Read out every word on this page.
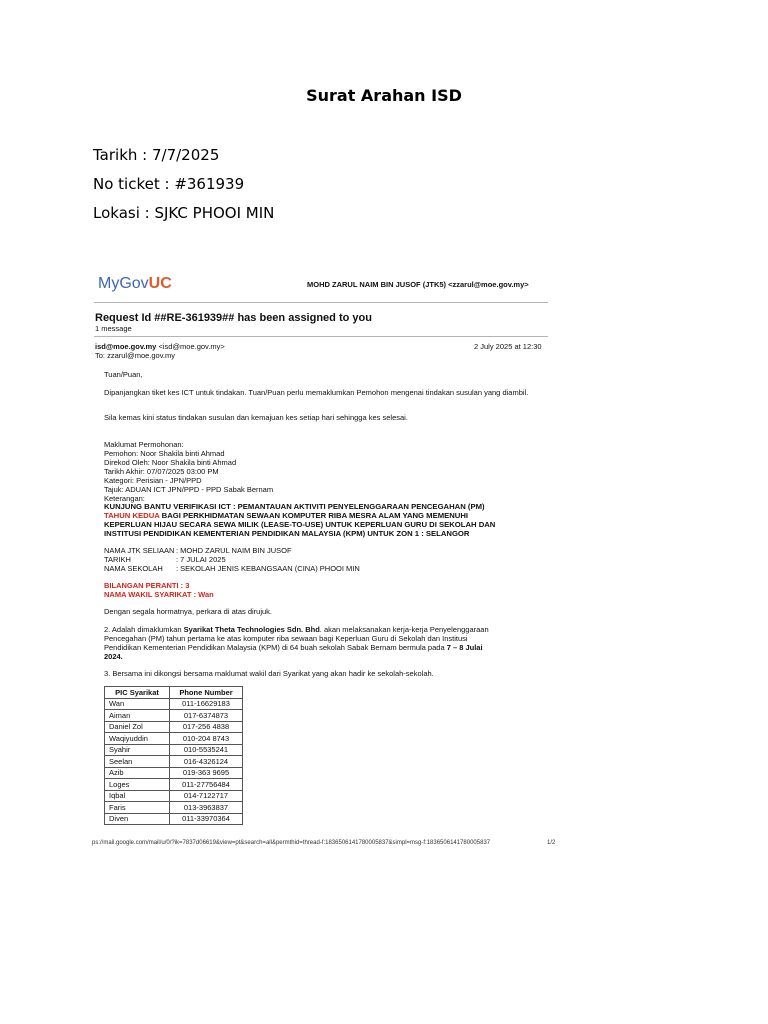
Surat Arahan ISD
Tarikh : 7/7/2025
No ticket : #361939
Lokasi : SJKC PHOOI MIN
MyGovUC	MOHD ZARUL NAIM BIN JUSOF (JTK5) <zzarul@moe.gov.my>
Request Id ##RE-361939## has been assigned to you
1 message
isd@moe.gov.my <isd@moe.gov.my>
To: zzarul@moe.gov.my
2 July 2025 at 12:30
Tuan/Puan,
Dipanjangkan tiket kes ICT untuk tindakan. Tuan/Puan perlu memaklumkan Pemohon mengenai tindakan susulan yang diambil.
Sila kemas kini status tindakan susulan dan kemajuan kes setiap hari sehingga kes selesai.
Maklumat Permohonan:
Pemohon: Noor Shakila binti Ahmad
Direkod Oleh: Noor Shakila binti Ahmad
Tarikh Akhir: 07/07/2025 03:00 PM
Kategori: Perisian - JPN/PPD
Tajuk: ADUAN ICT JPN/PPD - PPD Sabak Bernam
Keterangan:
KUNJUNG BANTU VERIFIKASI ICT : PEMANTAUAN AKTIVITI PENYELENGGARAAN PENCEGAHAN (PM)
TAHUN KEDUA BAGI PERKHIDMATAN SEWAAN KOMPUTER RIBA MESRA ALAM YANG MEMENUHI
KEPERLUAN HIJAU SECARA SEWA MILIK (LEASE-TO-USE) UNTUK KEPERLUAN GURU DI SEKOLAH DAN
INSTITUSI PENDIDIKAN KEMENTERIAN PENDIDIKAN MALAYSIA (KPM) UNTUK ZON 1 : SELANGOR
NAMA JTK SELIAAN : MOHD ZARUL NAIM BIN JUSOF
TARIKH	: 7 JULAI 2025
NAMA SEKOLAH : SEKOLAH JENIS KEBANGSAAN (CINA) PHOOI MIN
BILANGAN PERANTI : 3
NAMA WAKIL SYARIKAT : Wan
Dengan segala hormatnya, perkara di atas dirujuk.
2. Adalah dimaklumkan Syarikat Theta Technologies Sdn. Bhd. akan melaksanakan kerja-kerja Penyelenggaraan
Pencegahan (PM) tahun pertama ke atas komputer riba sewaan bagi Keperluan Guru di Sekolah dan Institusi
Pendidikan Kementerian Pendidikan Malaysia (KPM) di 64 buah sekolah Sabak Bernam bermula pada 7 – 8 Julai
2024.
3. Bersama ini dikongsi bersama maklumat wakil dari Syarikat yang akan hadir ke sekolah-sekolah.
PIC Syarikat	Phone Number
Wan	011-16629183
Aiman	017-6374873
Daniel Zol	017-256 4838
Waqiyuddin	010-204 8743
Syahir	010-5535241
Seelan	016-4326124
Azib	019-363 9695
Loges	011-27756484
Iqbal	014-7122717
Faris	013-3963837
Diven	011-33970364
ps://mail.google.com/mail/u/0/?ik=7837d06619&view=pt&search=all&permthid=thread-f:1836506141780005837&simpl=msg-f:1836506141780005837	1/2
